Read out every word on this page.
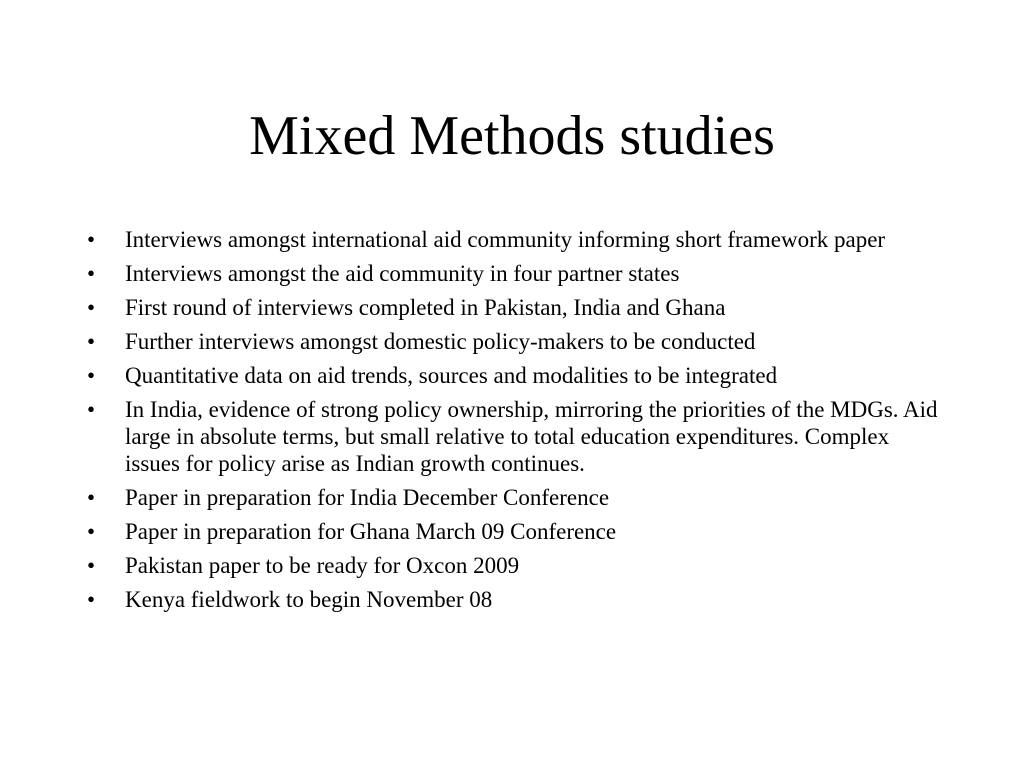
Mixed Methods studies
•	Interviews amongst international aid community informing short framework paper
•	Interviews amongst the aid community in four partner states
•	First round of interviews completed in Pakistan, India and Ghana
•	Further interviews amongst domestic policy-makers to be conducted
•	Quantitative data on aid trends, sources and modalities to be integrated
•	In India, evidence of strong policy ownership, mirroring the priorities of the MDGs. Aid large in absolute terms, but small relative to total education expenditures. Complex issues for policy arise as Indian growth continues.
•	Paper in preparation for India December Conference
•	Paper in preparation for Ghana March 09 Conference
•	Pakistan paper to be ready for Oxcon 2009
•	Kenya fieldwork to begin November 08
